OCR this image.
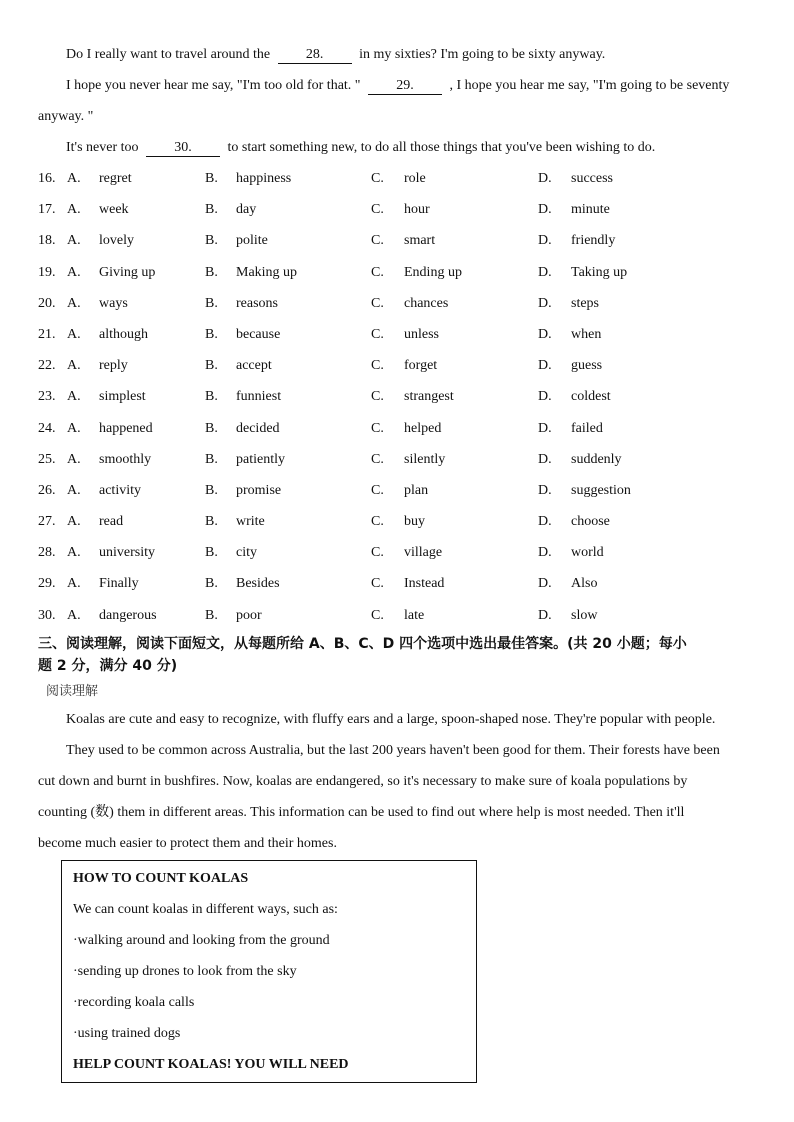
Do I really want to travel around the	28.	in my sixties? I'm going to be sixty anyway.
I hope you never hear me say, "I'm too old for that. "	29.	, I hope you hear me say, "I'm going to be seventy
anyway. "
It's never too	30.	to start something new, to do all those things that you've been wishing to do.
16. A. regret	B. happiness	C. role	D. success
17. A. week	B. day	C. hour	D. minute
18. A. lovely	B. polite	C. smart	D. friendly
19. A. Giving up	B. Making up	C. Ending up	D. Taking up
20. A. ways	B. reasons	C. chances	D. steps
21. A. although	B. because	C. unless	D. when
22. A. reply	B. accept	C. forget	D. guess
23. A. simplest	B. funniest	C. strangest	D. coldest
24. A. happened	B. decided	C. helped	D. failed
25. A. smoothly	B. patiently	C. silently	D. suddenly
26. A. activity	B. promise	C. plan	D. suggestion
27. A. read	B. write	C. buy	D. choose
28. A. university	B. city	C. village	D. world
29. A. Finally	B. Besides	C. Instead	D. Also
30. A. dangerous	B. poor	C. late	D. slow
三、阅读理解，阅读下面短文，从每题所给 A、B、C、D 四个选项中选出最佳答案。(共 20 小题；每小
题 2 分，满分 40 分)
阅读理解
Koalas are cute and easy to recognize, with fluffy ears and a large, spoon-shaped nose. They're popular with people.
They used to be common across Australia, but the last 200 years haven't been good for them. Their forests have been
cut down and burnt in bushfires. Now, koalas are endangered, so it's necessary to make sure of koala populations by
counting (数) them in different areas. This information can be used to find out where help is most needed. Then it'll
become much easier to protect them and their homes.
HOW TO COUNT KOALAS
We can count koalas in different ways, such as:
·walking around and looking from the ground
·sending up drones to look from the sky
·recording koala calls
·using trained dogs
HELP COUNT KOALAS! YOU WILL NEED
